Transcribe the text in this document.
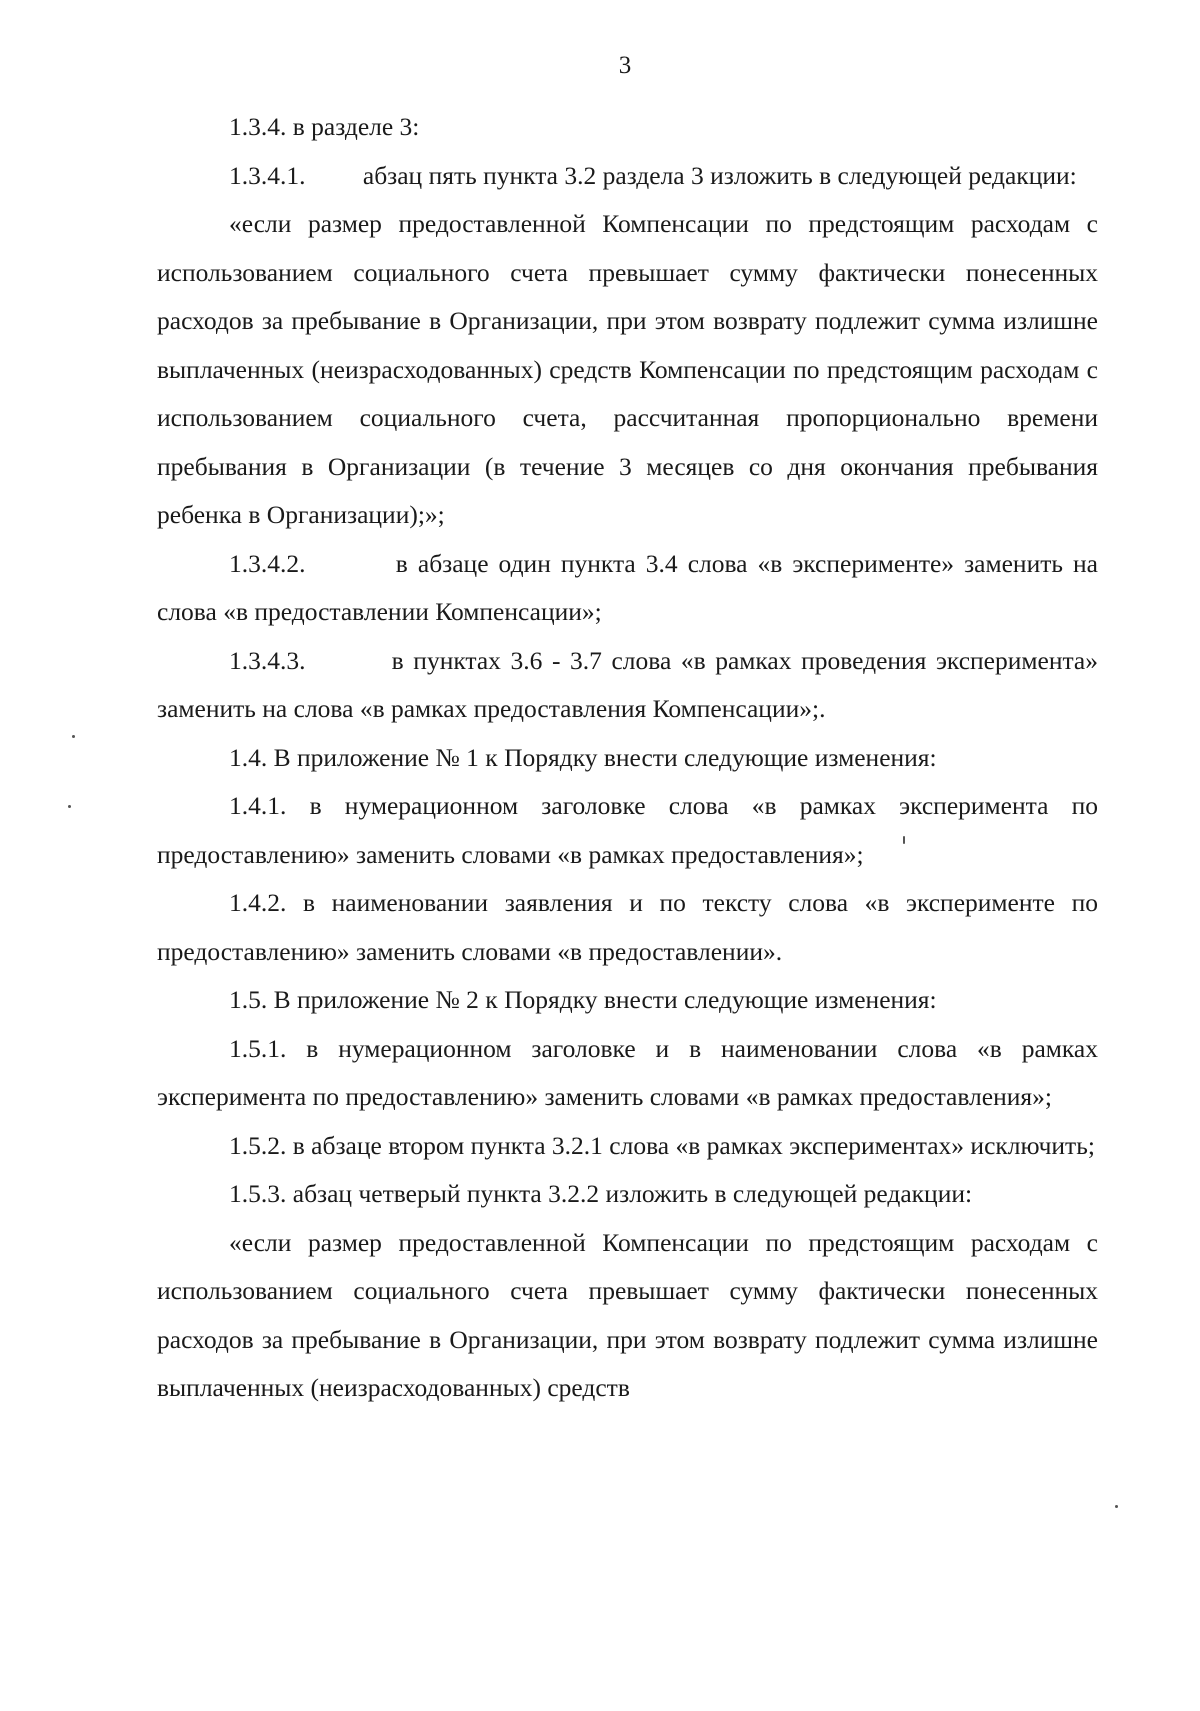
3

1.3.4. в разделе 3:

1.3.4.1.         абзац пять пункта 3.2 раздела 3 изложить в следующей редакции:

«если размер предоставленной Компенсации по предстоящим расходам с использованием социального счета превышает сумму фактически понесенных расходов за пребывание в Организации, при этом возврату подлежит сумма излишне выплаченных (неизрасходованных) средств Компенсации по предстоящим расходам с использованием социального счета, рассчитанная пропорционально времени пребывания в Организации (в течение 3 месяцев со дня окончания пребывания ребенка в Организации);»;

1.3.4.2.         в абзаце один пункта 3.4 слова «в эксперименте» заменить на слова «в предоставлении Компенсации»;

1.3.4.3.         в пунктах 3.6 - 3.7 слова «в рамках проведения эксперимента» заменить на слова «в рамках предоставления Компенсации»;.

1.4. В приложение № 1 к Порядку внести следующие изменения:

1.4.1. в нумерационном заголовке слова «в рамках эксперимента по предоставлению» заменить словами «в рамках предоставления»;

1.4.2. в наименовании заявления и по тексту слова «в эксперименте по предоставлению» заменить словами «в предоставлении».

1.5. В приложение № 2 к Порядку внести следующие изменения:

1.5.1. в нумерационном заголовке и в наименовании слова «в рамках эксперимента по предоставлению» заменить словами «в рамках предоставления»;

1.5.2. в абзаце втором пункта 3.2.1 слова «в рамках экспериментах» исключить;

1.5.3. абзац четверый пункта 3.2.2 изложить в следующей редакции:

«если размер предоставленной Компенсации по предстоящим расходам с использованием социального счета превышает сумму фактически понесенных расходов за пребывание в Организации, при этом возврату подлежит сумма излишне выплаченных (неизрасходованных) средств
